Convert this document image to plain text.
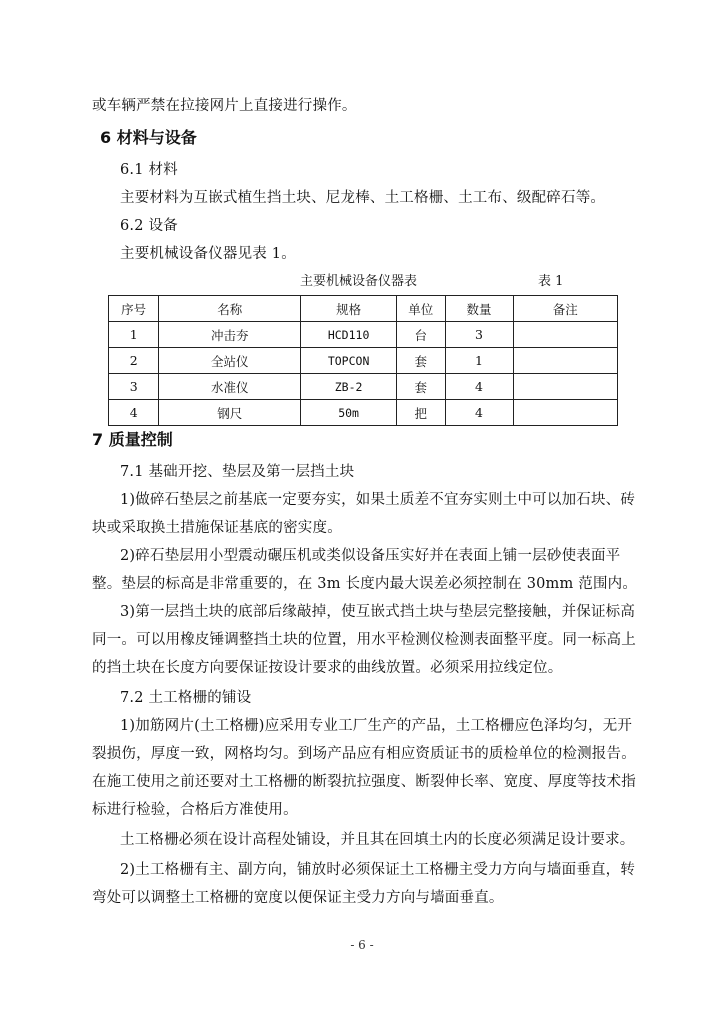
或车辆严禁在拉接网片上直接进行操作。
6 材料与设备
6.1 材料
主要材料为互嵌式植生挡土块、尼龙棒、土工格栅、土工布、级配碎石等。
6.2 设备
主要机械设备仪器见表 1。
主要机械设备仪器表	表 1
序号	名称	规格	单位	数量	备注
1	冲击夯	HCD110	台	3	
2	全站仪	TOPCON	套	1	
3	水准仪	ZB-2	套	4	
4	钢尺	50m	把	4	
7 质量控制
7.1 基础开挖、垫层及第一层挡土块
1)做碎石垫层之前基底一定要夯实，如果土质差不宜夯实则土中可以加石块、砖
块或采取换土措施保证基底的密实度。
2)碎石垫层用小型震动碾压机或类似设备压实好并在表面上铺一层砂使表面平
整。垫层的标高是非常重要的，在 3m 长度内最大误差必须控制在 30mm 范围内。
3)第一层挡土块的底部后缘敲掉，使互嵌式挡土块与垫层完整接触，并保证标高
同一。可以用橡皮锤调整挡土块的位置，用水平检测仪检测表面整平度。同一标高上
的挡土块在长度方向要保证按设计要求的曲线放置。必须采用拉线定位。
7.2 土工格栅的铺设
1)加筋网片(土工格栅)应采用专业工厂生产的产品，土工格栅应色泽均匀，无开
裂损伤，厚度一致，网格均匀。到场产品应有相应资质证书的质检单位的检测报告。
在施工使用之前还要对土工格栅的断裂抗拉强度、断裂伸长率、宽度、厚度等技术指
标进行检验，合格后方准使用。
土工格栅必须在设计高程处铺设，并且其在回填土内的长度必须满足设计要求。
2)土工格栅有主、副方向，铺放时必须保证土工格栅主受力方向与墙面垂直，转
弯处可以调整土工格栅的宽度以便保证主受力方向与墙面垂直。
- 6 -
